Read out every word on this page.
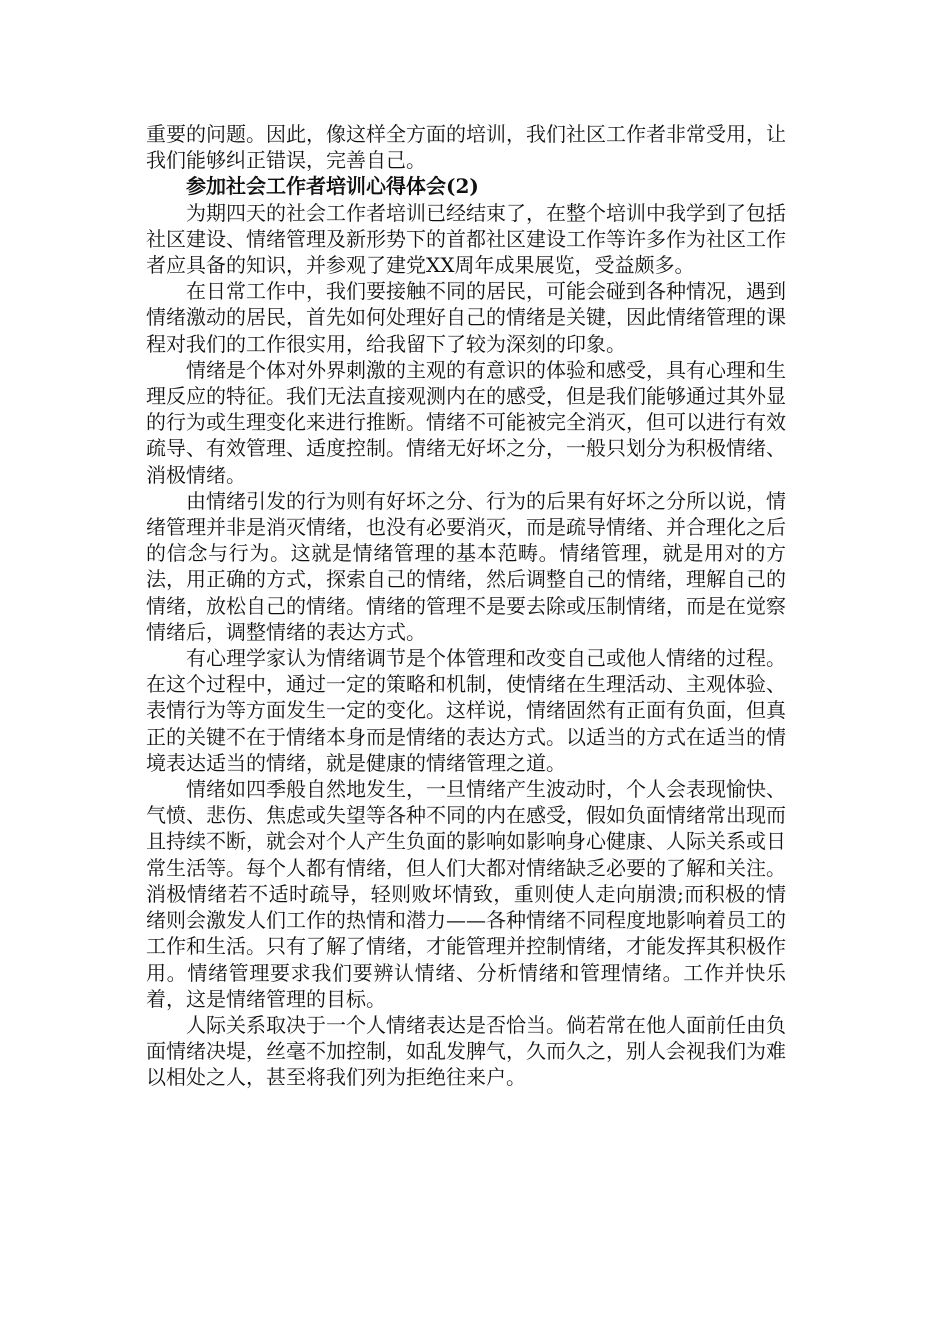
重要的问题。因此，像这样全方面的培训，我们社区工作者非常受用，让我们能够纠正错误，完善自己。

参加社会工作者培训心得体会(2)

为期四天的社会工作者培训已经结束了，在整个培训中我学到了包括社区建设、情绪管理及新形势下的首都社区建设工作等许多作为社区工作者应具备的知识，并参观了建党XX周年成果展览，受益颇多。

在日常工作中，我们要接触不同的居民，可能会碰到各种情况，遇到情绪激动的居民，首先如何处理好自己的情绪是关键，因此情绪管理的课程对我们的工作很实用，给我留下了较为深刻的印象。

情绪是个体对外界刺激的主观的有意识的体验和感受，具有心理和生理反应的特征。我们无法直接观测内在的感受，但是我们能够通过其外显的行为或生理变化来进行推断。情绪不可能被完全消灭，但可以进行有效疏导、有效管理、适度控制。情绪无好坏之分，一般只划分为积极情绪、消极情绪。

由情绪引发的行为则有好坏之分、行为的后果有好坏之分所以说，情绪管理并非是消灭情绪，也没有必要消灭，而是疏导情绪、并合理化之后的信念与行为。这就是情绪管理的基本范畴。情绪管理，就是用对的方法，用正确的方式，探索自己的情绪，然后调整自己的情绪，理解自己的情绪，放松自己的情绪。情绪的管理不是要去除或压制情绪，而是在觉察情绪后，调整情绪的表达方式。

有心理学家认为情绪调节是个体管理和改变自己或他人情绪的过程。在这个过程中，通过一定的策略和机制，使情绪在生理活动、主观体验、表情行为等方面发生一定的变化。这样说，情绪固然有正面有负面，但真正的关键不在于情绪本身而是情绪的表达方式。以适当的方式在适当的情境表达适当的情绪，就是健康的情绪管理之道。

情绪如四季般自然地发生，一旦情绪产生波动时，个人会表现愉快、气愤、悲伤、焦虑或失望等各种不同的内在感受，假如负面情绪常出现而且持续不断，就会对个人产生负面的影响如影响身心健康、人际关系或日常生活等。每个人都有情绪，但人们大都对情绪缺乏必要的了解和关注。消极情绪若不适时疏导，轻则败坏情致，重则使人走向崩溃;而积极的情绪则会激发人们工作的热情和潜力——各种情绪不同程度地影响着员工的工作和生活。只有了解了情绪，才能管理并控制情绪，才能发挥其积极作用。情绪管理要求我们要辨认情绪、分析情绪和管理情绪。工作并快乐着，这是情绪管理的目标。

人际关系取决于一个人情绪表达是否恰当。倘若常在他人面前任由负面情绪决堤，丝毫不加控制，如乱发脾气，久而久之，别人会视我们为难以相处之人，甚至将我们列为拒绝往来户。
